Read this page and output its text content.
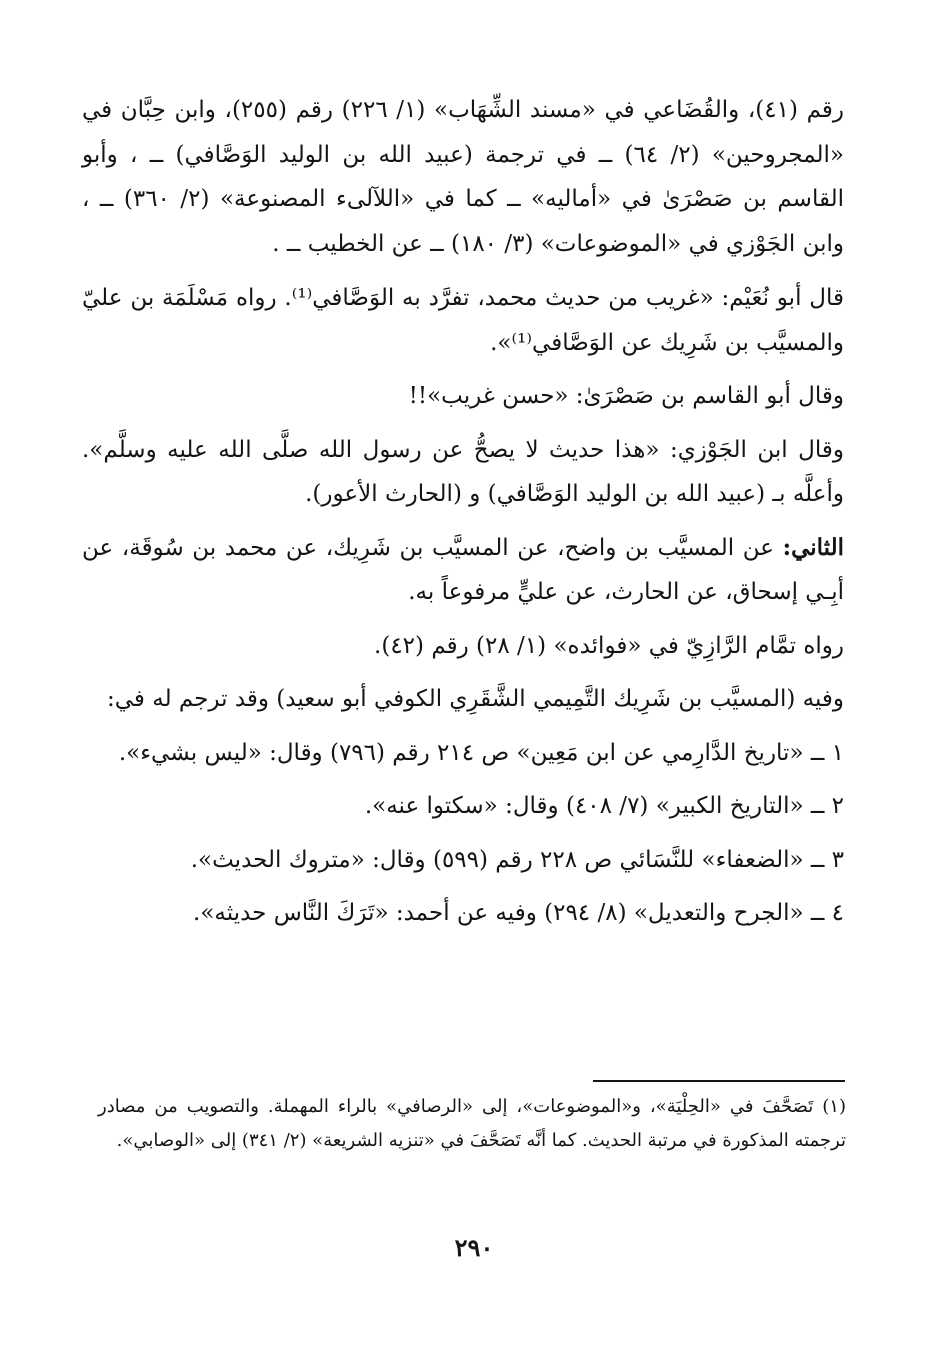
رقم (٤١)، والقُضَاعي في «مسند الشِّهَاب» (١/ ٢٢٦) رقم (٢٥٥)، وابن حِبَّان في «المجروحين» (٢/ ٦٤) ــ في ترجمة (عبيد الله بن الوليد الوَصَّافي) ــ ، وأبو القاسم بن صَصْرَىٰ في «أماليه» ــ كما في «اللآلىء المصنوعة» (٢/ ٣٦٠) ــ ، وابن الجَوْزي في «الموضوعات» (٣/ ١٨٠) ــ عن الخطيب ــ .

قال أبو نُعَيْم: «غريب من حديث محمد، تفرَّد به الوَصَّافي⁽¹⁾. رواه مَسْلَمَة بن عليّ والمسيَّب بن شَرِيك عن الوَصَّافي⁽¹⁾».

وقال أبو القاسم بن صَصْرَىٰ: «حسن غريب»!!

وقال ابن الجَوْزي: «هذا حديث لا يصحُّ عن رسول الله صلَّى الله عليه وسلَّم». وأعلَّه بـ (عبيد الله بن الوليد الوَصَّافي) و (الحارث الأعور).

الثاني: عن المسيَّب بن واضح، عن المسيَّب بن شَرِيك، عن محمد بن سُوقَة، عن أبِـي إسحاق، عن الحارث، عن عليٍّ مرفوعاً به.

رواه تمَّام الرَّازِيّ في «فوائده» (١/ ٢٨) رقم (٤٢).

وفيه (المسيَّب بن شَرِيك التَّمِيمي الشَّقَرِي الكوفي أبو سعيد) وقد ترجم له في:

١ ــ «تاريخ الدَّارِمي عن ابن مَعِين» ص ٢١٤ رقم (٧٩٦) وقال: «ليس بشيء».

٢ ــ «التاريخ الكبير» (٧/ ٤٠٨) وقال: «سكتوا عنه».

٣ ــ «الضعفاء» للنَّسَائي ص ٢٢٨ رقم (٥٩٩) وقال: «متروك الحديث».

٤ ــ «الجرح والتعديل» (٨/ ٢٩٤) وفيه عن أحمد: «تَرَكَ النَّاس حديثه».

(١) تَصَحَّفَ في «الحِلْيَة»، و«الموضوعات»، إلى «الرصافي» بالراء المهملة. والتصويب من مصادر ترجمته المذكورة في مرتبة الحديث. كما أنَّه تَصَحَّفَ في «تنزيه الشريعة» (٢/ ٣٤١) إلى «الوصابي».

٢٩٠
